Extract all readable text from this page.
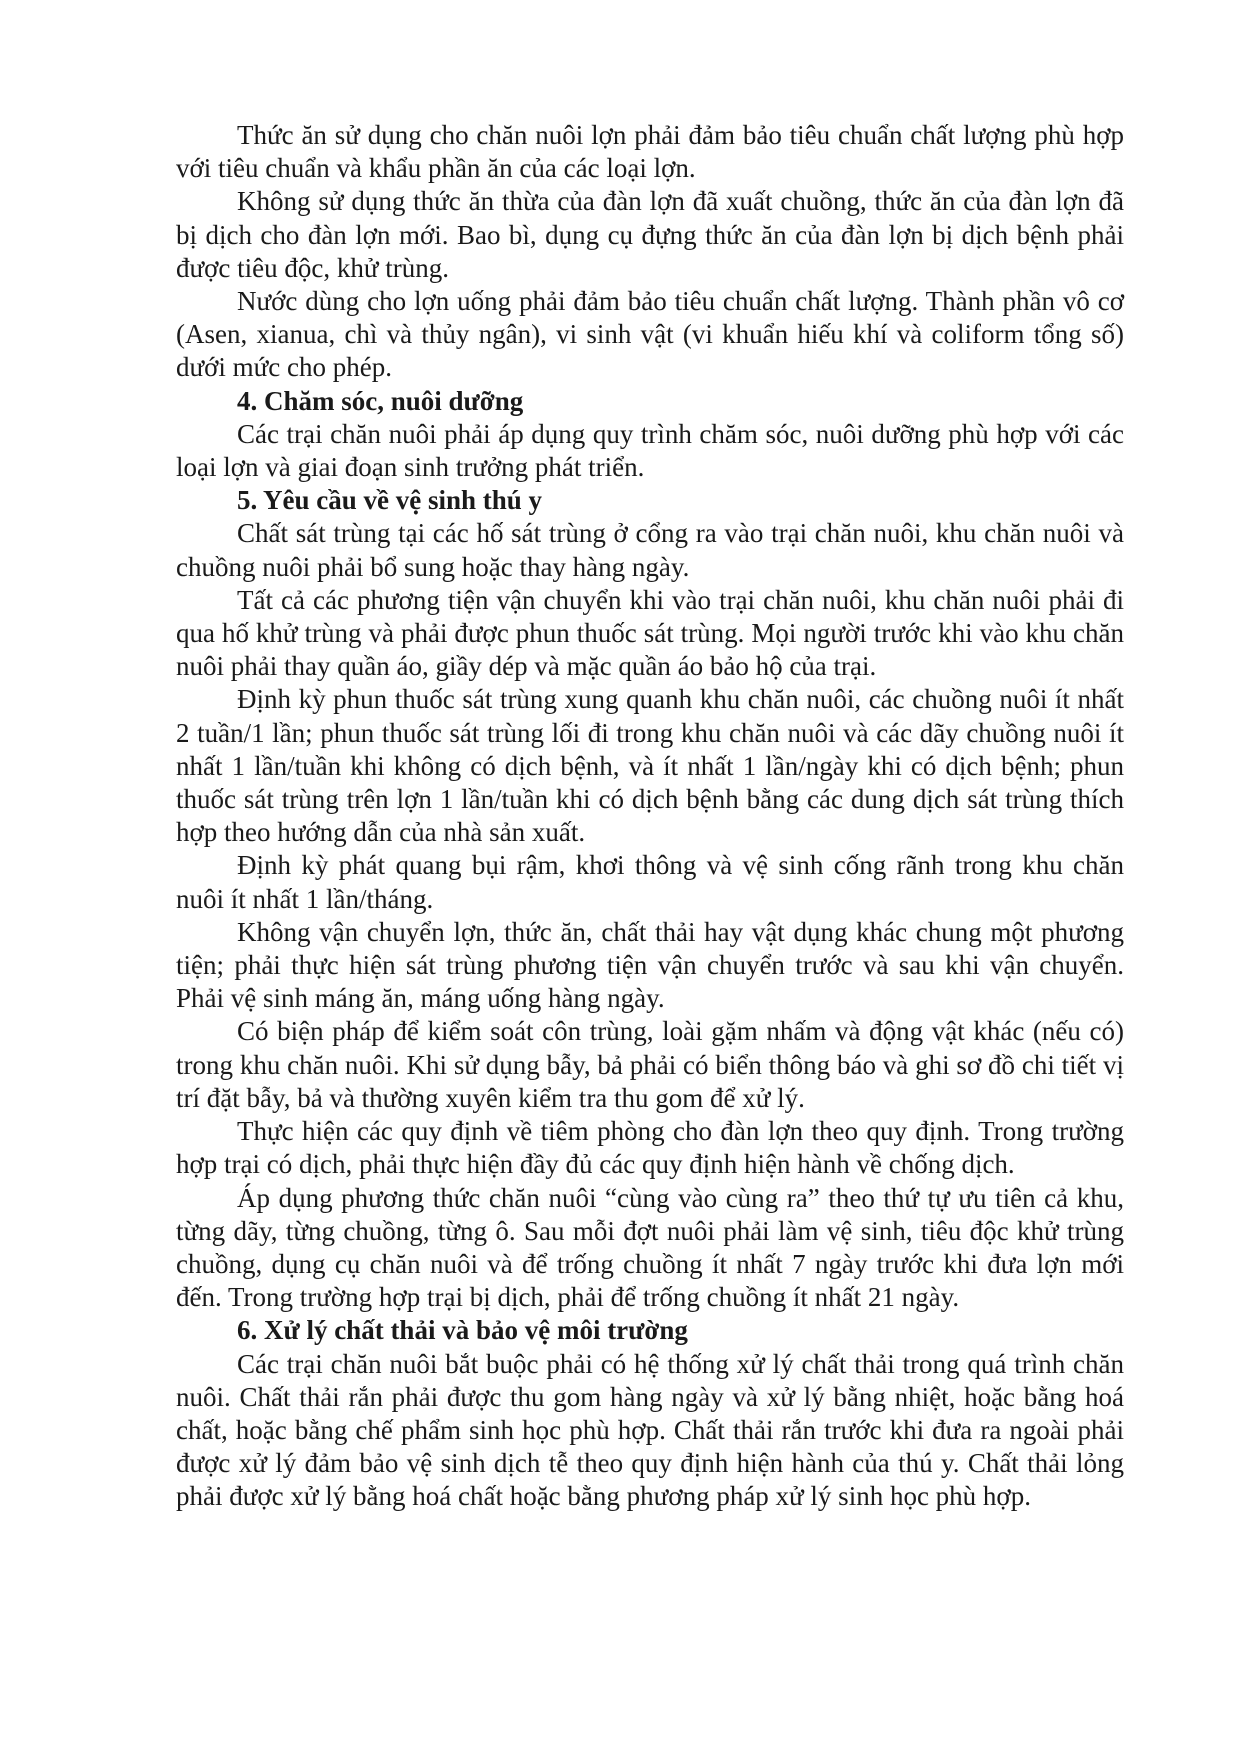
Thức ăn sử dụng cho chăn nuôi lợn phải đảm bảo tiêu chuẩn chất lượng phù hợp với tiêu chuẩn và khẩu phần ăn của các loại lợn.

Không sử dụng thức ăn thừa của đàn lợn đã xuất chuồng, thức ăn của đàn lợn đã bị dịch cho đàn lợn mới. Bao bì, dụng cụ đựng thức ăn của đàn lợn bị dịch bệnh phải được tiêu độc, khử trùng.

Nước dùng cho lợn uống phải đảm bảo tiêu chuẩn chất lượng. Thành phần vô cơ (Asen, xianua, chì và thủy ngân), vi sinh vật (vi khuẩn hiếu khí và coliform tổng số) dưới mức cho phép.

4. Chăm sóc, nuôi dưỡng

Các trại chăn nuôi phải áp dụng quy trình chăm sóc, nuôi dưỡng phù hợp với các loại lợn và giai đoạn sinh trưởng phát triển.

5. Yêu cầu về vệ sinh thú y

Chất sát trùng tại các hố sát trùng ở cổng ra vào trại chăn nuôi, khu chăn nuôi và chuồng nuôi phải bổ sung hoặc thay hàng ngày.

Tất cả các phương tiện vận chuyển khi vào trại chăn nuôi, khu chăn nuôi phải đi qua hố khử trùng và phải được phun thuốc sát trùng. Mọi người trước khi vào khu chăn nuôi phải thay quần áo, giầy dép và mặc quần áo bảo hộ của trại.

Định kỳ phun thuốc sát trùng xung quanh khu chăn nuôi, các chuồng nuôi ít nhất 2 tuần/1 lần; phun thuốc sát trùng lối đi trong khu chăn nuôi và các dãy chuồng nuôi ít nhất 1 lần/tuần khi không có dịch bệnh, và ít nhất 1 lần/ngày khi có dịch bệnh; phun thuốc sát trùng trên lợn 1 lần/tuần khi có dịch bệnh bằng các dung dịch sát trùng thích hợp theo hướng dẫn của nhà sản xuất.

Định kỳ phát quang bụi rậm, khơi thông và vệ sinh cống rãnh trong khu chăn nuôi ít nhất 1 lần/tháng.

Không vận chuyển lợn, thức ăn, chất thải hay vật dụng khác chung một phương tiện; phải thực hiện sát trùng phương tiện vận chuyển trước và sau khi vận chuyển. Phải vệ sinh máng ăn, máng uống hàng ngày.

Có biện pháp để kiểm soát côn trùng, loài gặm nhấm và động vật khác (nếu có) trong khu chăn nuôi. Khi sử dụng bẫy, bả phải có biển thông báo và ghi sơ đồ chi tiết vị trí đặt bẫy, bả và thường xuyên kiểm tra thu gom để xử lý.

Thực hiện các quy định về tiêm phòng cho đàn lợn theo quy định. Trong trường hợp trại có dịch, phải thực hiện đầy đủ các quy định hiện hành về chống dịch.

Áp dụng phương thức chăn nuôi “cùng vào cùng ra” theo thứ tự ưu tiên cả khu, từng dãy, từng chuồng, từng ô. Sau mỗi đợt nuôi phải làm vệ sinh, tiêu độc khử trùng chuồng, dụng cụ chăn nuôi và để trống chuồng ít nhất 7 ngày trước khi đưa lợn mới đến. Trong trường hợp trại bị dịch, phải để trống chuồng ít nhất 21 ngày.

6. Xử lý chất thải và bảo vệ môi trường

Các trại chăn nuôi bắt buộc phải có hệ thống xử lý chất thải trong quá trình chăn nuôi. Chất thải rắn phải được thu gom hàng ngày và xử lý bằng nhiệt, hoặc bằng hoá chất, hoặc bằng chế phẩm sinh học phù hợp. Chất thải rắn trước khi đưa ra ngoài phải được xử lý đảm bảo vệ sinh dịch tễ theo quy định hiện hành của thú y. Chất thải lỏng phải được xử lý bằng hoá chất hoặc bằng phương pháp xử lý sinh học phù hợp.
